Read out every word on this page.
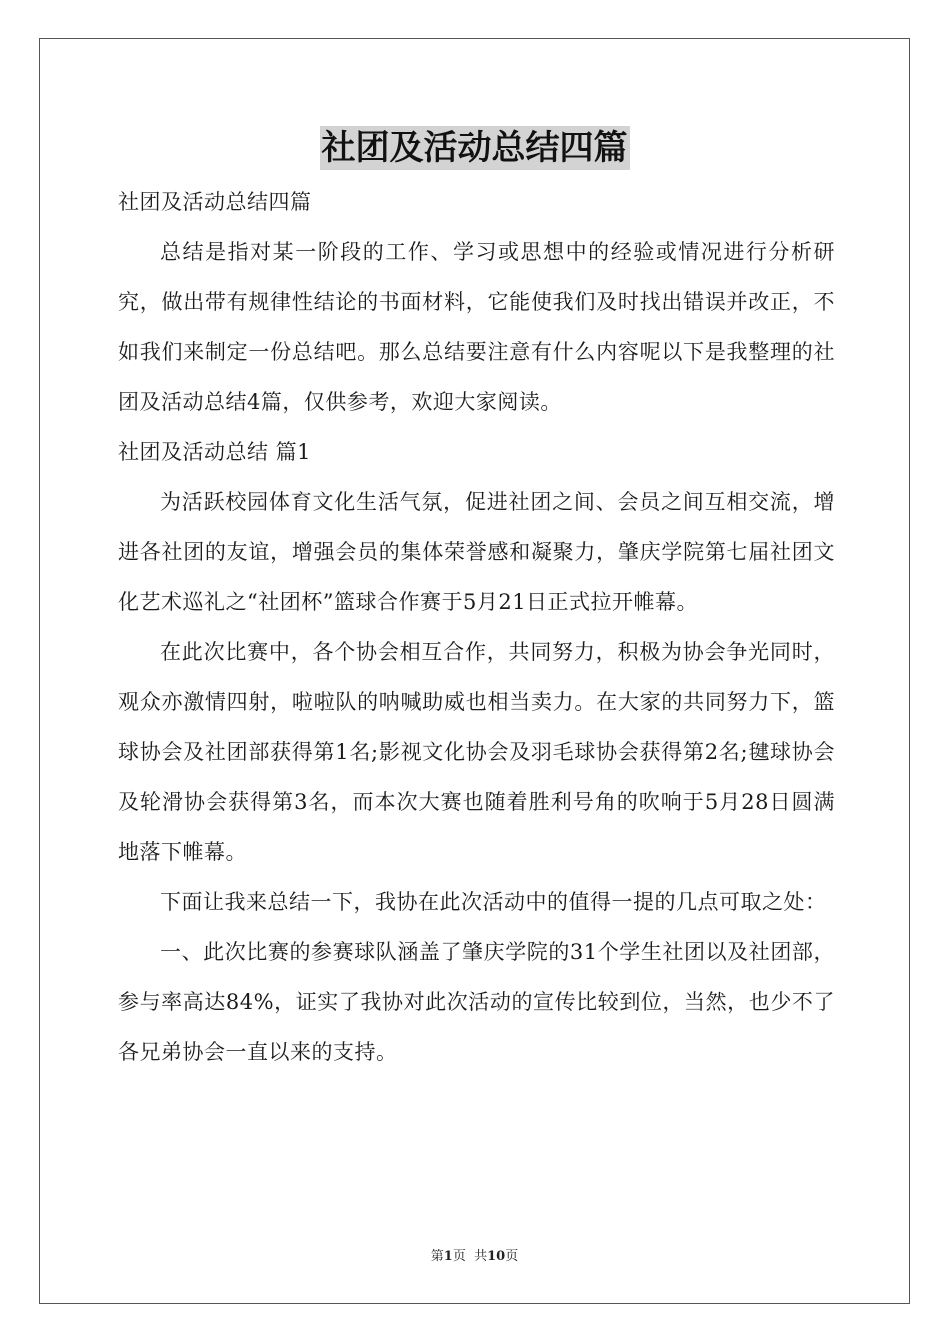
社团及活动总结四篇

社团及活动总结四篇

总结是指对某一阶段的工作、学习或思想中的经验或情况进行分析研究，做出带有规律性结论的书面材料，它能使我们及时找出错误并改正，不如我们来制定一份总结吧。那么总结要注意有什么内容呢以下是我整理的社团及活动总结4篇，仅供参考，欢迎大家阅读。

社团及活动总结 篇1

为活跃校园体育文化生活气氛，促进社团之间、会员之间互相交流，增进各社团的友谊，增强会员的集体荣誉感和凝聚力，肇庆学院第七届社团文化艺术巡礼之“社团杯”篮球合作赛于5月21日正式拉开帷幕。

在此次比赛中，各个协会相互合作，共同努力，积极为协会争光同时，观众亦激情四射，啦啦队的呐喊助威也相当卖力。在大家的共同努力下，篮球协会及社团部获得第1名;影视文化协会及羽毛球协会获得第2名;毽球协会及轮滑协会获得第3名，而本次大赛也随着胜利号角的吹响于5月28日圆满地落下帷幕。

下面让我来总结一下，我协在此次活动中的值得一提的几点可取之处：

一、此次比赛的参赛球队涵盖了肇庆学院的31个学生社团以及社团部，参与率高达84%，证实了我协对此次活动的宣传比较到位，当然，也少不了各兄弟协会一直以来的支持。

第1页  共10页
